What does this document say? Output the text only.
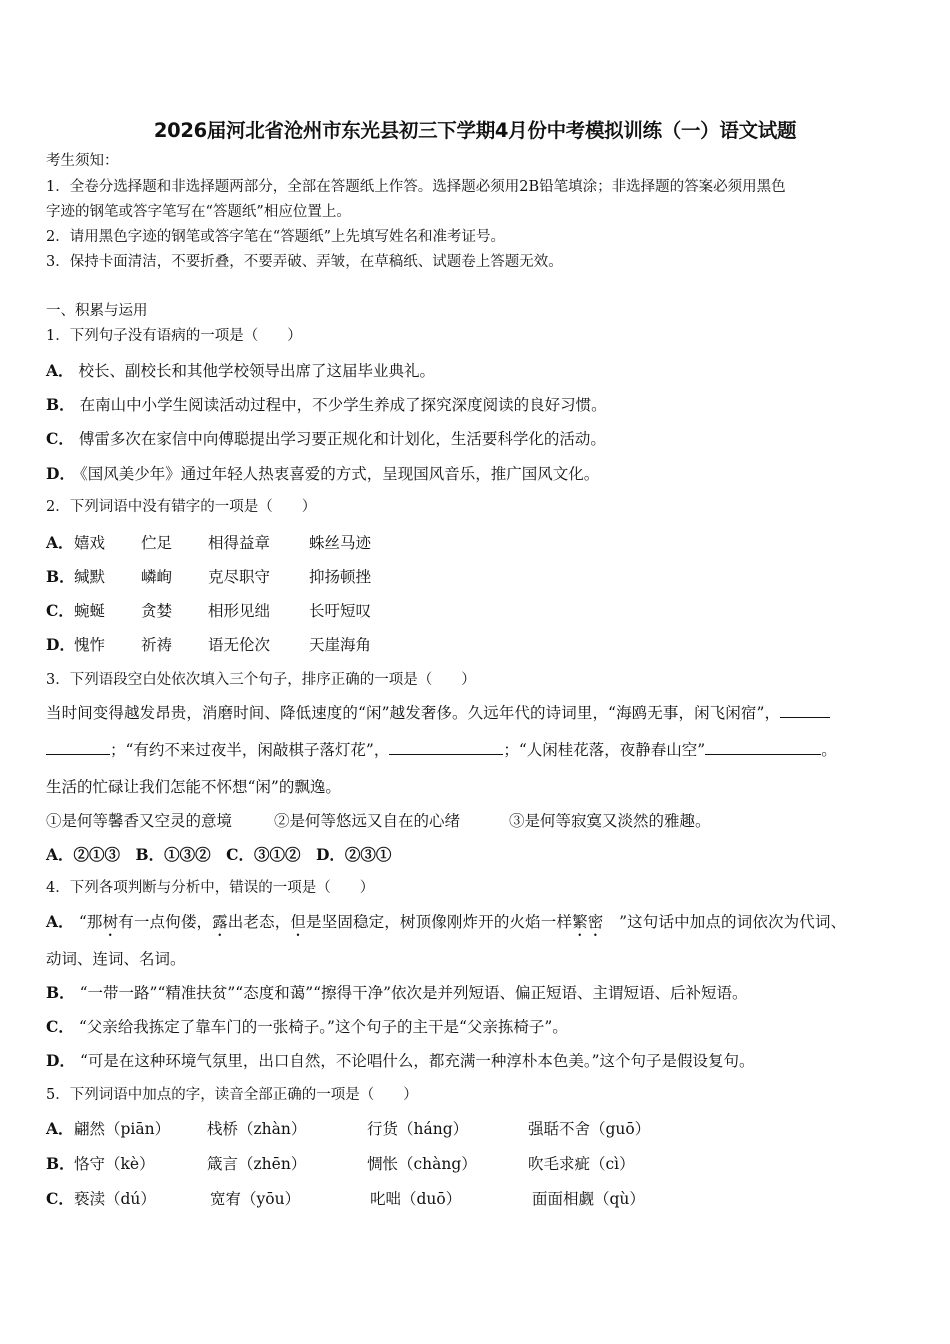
2026届河北省沧州市东光县初三下学期4月份中考模拟训练（一）语文试题
考生须知：
1．全卷分选择题和非选择题两部分，全部在答题纸上作答。选择题必须用2B铅笔填涂；非选择题的答案必须用黑色
字迹的钢笔或答字笔写在“答题纸”相应位置上。
2．请用黑色字迹的钢笔或答字笔在“答题纸”上先填写姓名和准考证号。
3．保持卡面清洁，不要折叠，不要弄破、弄皱，在草稿纸、试题卷上答题无效。
一、积累与运用
1．下列句子没有语病的一项是（　　）
A． 校长、副校长和其他学校领导出席了这届毕业典礼。
B． 在南山中小学生阅读活动过程中，不少学生养成了探究深度阅读的良好习惯。
C． 傅雷多次在家信中向傅聪提出学习要正规化和计划化，生活要科学化的活动。
D． 《国风美少年》通过年轻人热衷喜爱的方式，呈现国风音乐，推广国风文化。
2．下列词语中没有错字的一项是（　　）
A． 嬉戏 伫足 相得益章	蛛丝马迹
B． 缄默 嶙峋 克尽职守	抑扬顿挫
C． 蜿蜒 贪婪 相形见绌	长吁短叹
D． 愧怍 祈祷 语无伦次	天崖海角
3．下列语段空白处依次填入三个句子，排序正确的一项是（　　）
当时间变得越发昂贵，消磨时间、降低速度的“闲”越发奢侈。久远年代的诗词里，“海鸥无事，闲飞闲宿”，
；“有约不来过夜半，闲敲棋子落灯花”，	；“人闲桂花落，夜静春山空”	。
生活的忙碌让我们怎能不怀想“闲”的飘逸。
①是何等馨香又空灵的意境	②是何等悠远又自在的心绪	③是何等寂寞又淡然的雅趣。
A．②①③　B．①③②　C．③①②　D．②③①
4．下列各项判断与分析中，错误的一项是（　　）
A． “那树有一点佝偻，露出老态，但是坚固稳定，树顶像刚炸开的火焰一样繁密　”这句话中加点的词依次为代词、
动词、连词、名词。
B． “一带一路”“精准扶贫”“态度和蔼”“擦得干净”依次是并列短语、偏正短语、主谓短语、后补短语。
C． “父亲给我拣定了靠车门的一张椅子。”这个句子的主干是“父亲拣椅子”。
D． “可是在这种环境气氛里，出口自然，不论唱什么，都充满一种淳朴本色美。”这个句子是假设复句。
5．下列词语中加点的字，读音全部正确的一项是（　　）
A． 翩然（piān） 栈桥（zhàn）	行货（háng）	强聒不舍（guō）
B． 恪守（kè）	箴言（zhēn）	惆怅（chàng）	吹毛求疵（cì）
C． 亵渎（dú）	宽宥（yōu）	叱咄（duō）	面面相觑（qù）
